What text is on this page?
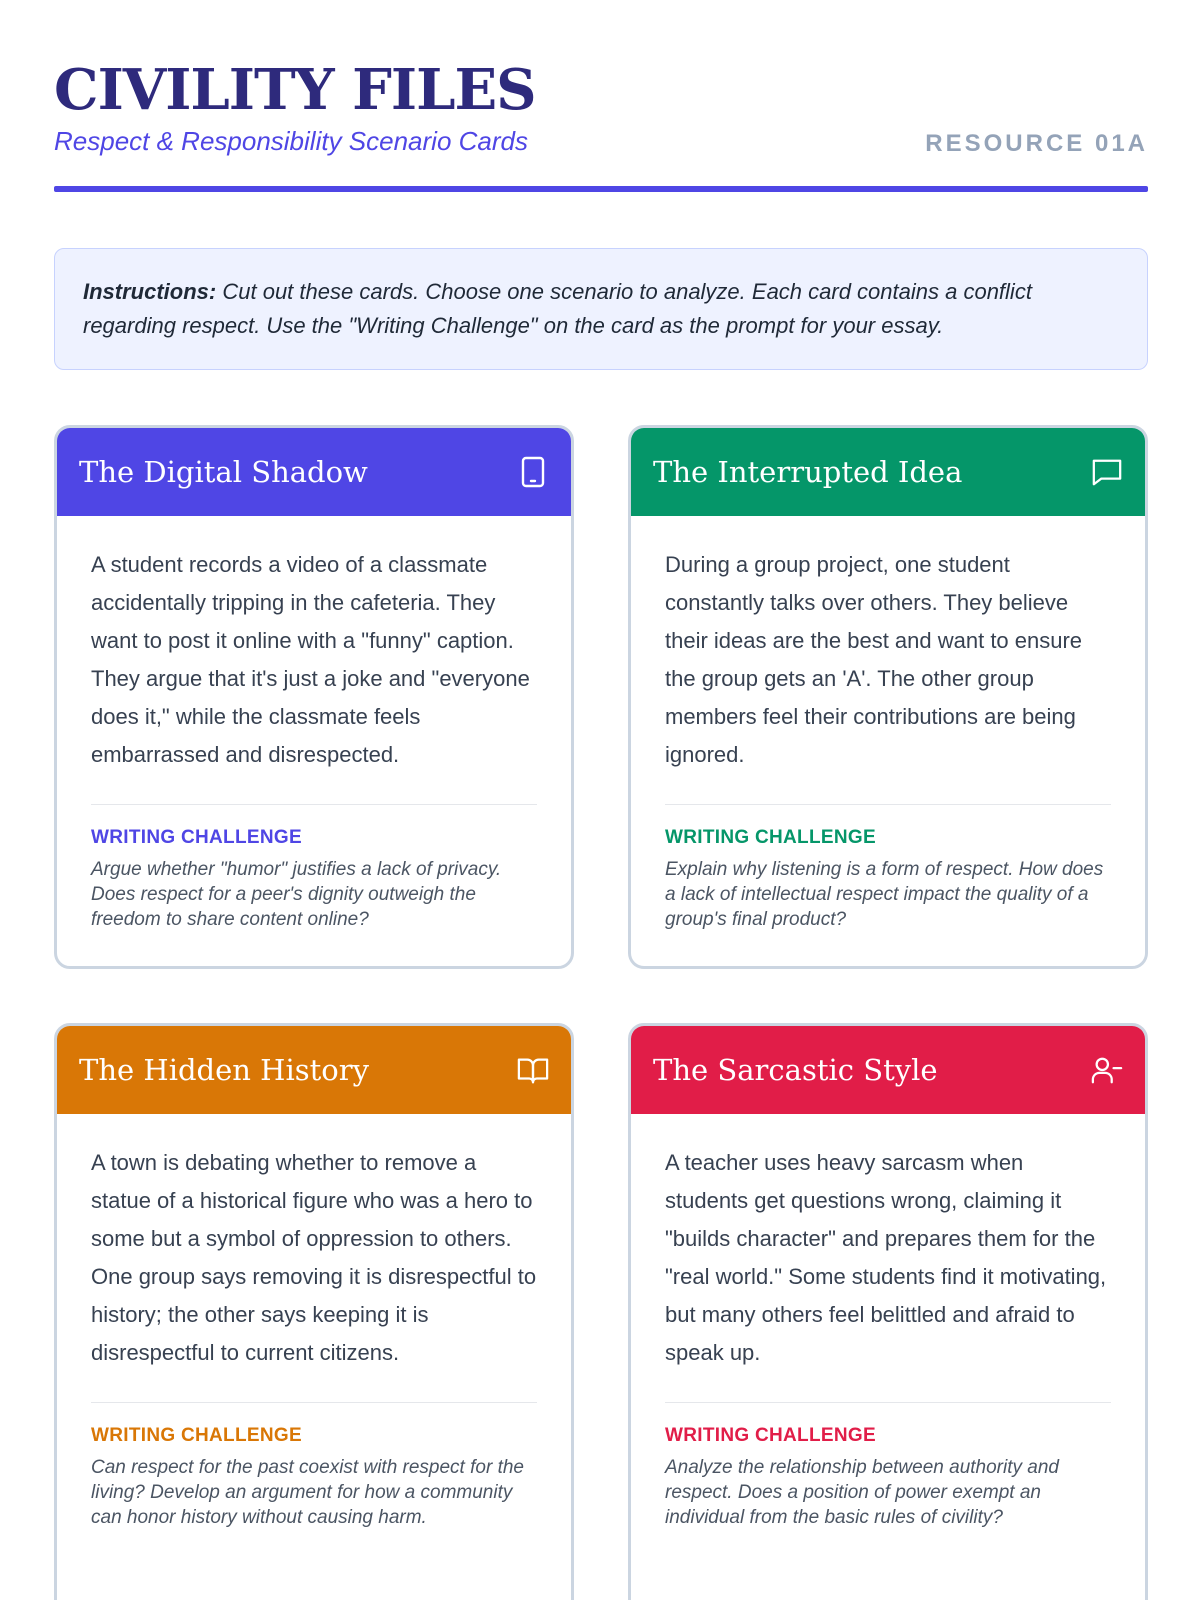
CIVILITY FILES
Respect & Responsibility Scenario Cards	RESOURCE 01A
Instructions: Cut out these cards. Choose one scenario to analyze. Each card contains a conflict regarding respect. Use the "Writing Challenge" on the card as the prompt for your essay.
The Digital Shadow
A student records a video of a classmate accidentally tripping in the cafeteria. They want to post it online with a "funny" caption. They argue that it's just a joke and "everyone does it," while the classmate feels embarrassed and disrespected.
WRITING CHALLENGE
Argue whether "humor" justifies a lack of privacy. Does respect for a peer's dignity outweigh the freedom to share content online?
The Interrupted Idea
During a group project, one student constantly talks over others. They believe their ideas are the best and want to ensure the group gets an 'A'. The other group members feel their contributions are being ignored.
WRITING CHALLENGE
Explain why listening is a form of respect. How does a lack of intellectual respect impact the quality of a group's final product?
The Hidden History
A town is debating whether to remove a statue of a historical figure who was a hero to some but a symbol of oppression to others. One group says removing it is disrespectful to history; the other says keeping it is disrespectful to current citizens.
WRITING CHALLENGE
Can respect for the past coexist with respect for the living? Develop an argument for how a community can honor history without causing harm.
The Sarcastic Style
A teacher uses heavy sarcasm when students get questions wrong, claiming it "builds character" and prepares them for the "real world." Some students find it motivating, but many others feel belittled and afraid to speak up.
WRITING CHALLENGE
Analyze the relationship between authority and respect. Does a position of power exempt an individual from the basic rules of civility?
